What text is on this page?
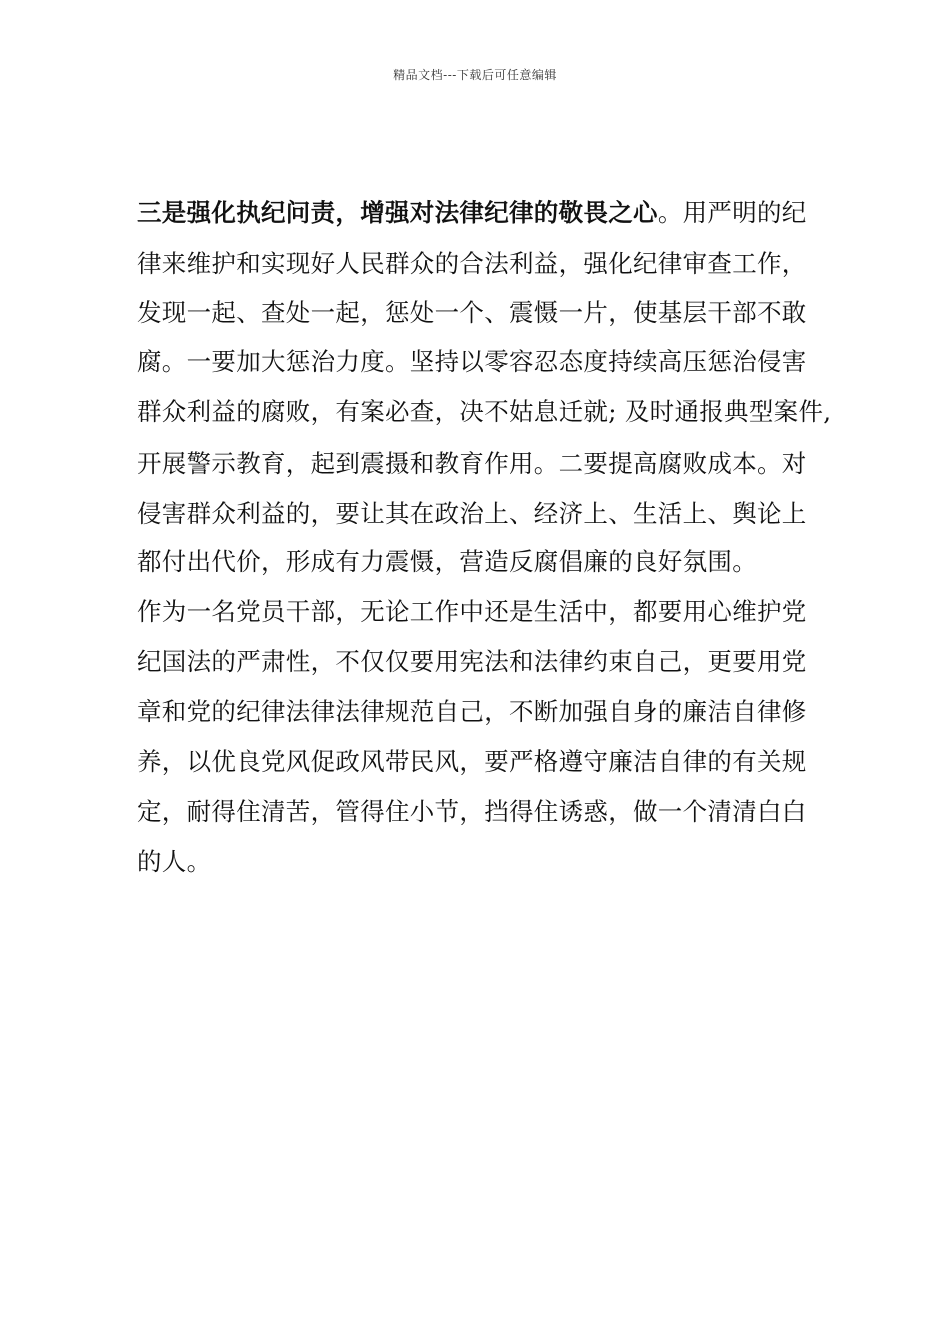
精品文档---下载后可任意编辑
三是强化执纪问责，增强对法律纪律的敬畏之心。用严明的纪
律来维护和实现好人民群众的合法利益，强化纪律审查工作，
发现一起、查处一起，惩处一个、震慑一片，使基层干部不敢
腐。一要加大惩治力度。坚持以零容忍态度持续高压惩治侵害
群众利益的腐败，有案必查，决不姑息迁就; 及时通报典型案件,
开展警示教育，起到震摄和教育作用。二要提高腐败成本。对
侵害群众利益的，要让其在政治上、经济上、生活上、舆论上
都付出代价，形成有力震慑，营造反腐倡廉的良好氛围。
作为一名党员干部，无论工作中还是生活中，都要用心维护党
纪国法的严肃性，不仅仅要用宪法和法律约束自己，更要用党
章和党的纪律法律法律规范自己，不断加强自身的廉洁自律修
养，以优良党风促政风带民风，要严格遵守廉洁自律的有关规
定，耐得住清苦，管得住小节，挡得住诱惑，做一个清清白白
的人。
